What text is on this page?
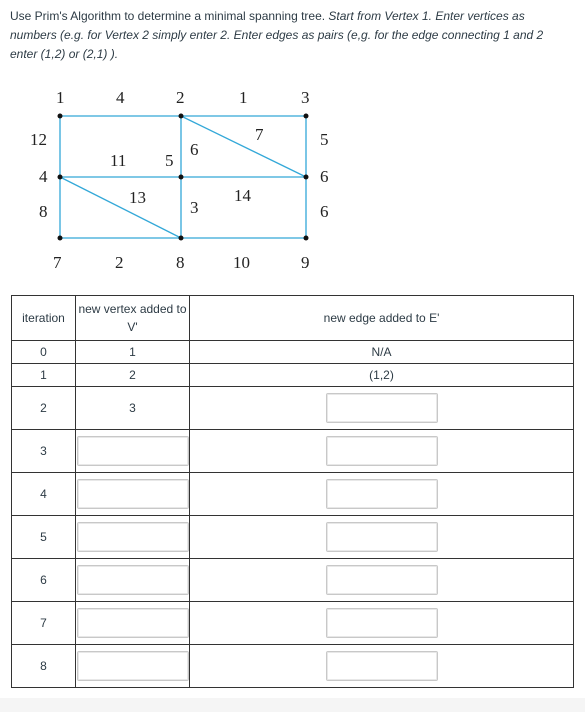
Use Prim's Algorithm to determine a minimal spanning tree. Start from Vertex 1. Enter vertices as numbers (e.g. for Vertex 2 simply enter 2. Enter edges as pairs (e,g. for the edge connecting 1 and 2 enter (1,2) or (2,1) ).
1	2	3
4
5
6
7	8	9
4	1
12
8
11
7
6
5
6
13
3
14
10
2
iteration	new vertex added to V'	new edge added to E'
0	1	N/A
1	2	(1,2)
2	3	

3	

4	

5	

6	

7	

8	
